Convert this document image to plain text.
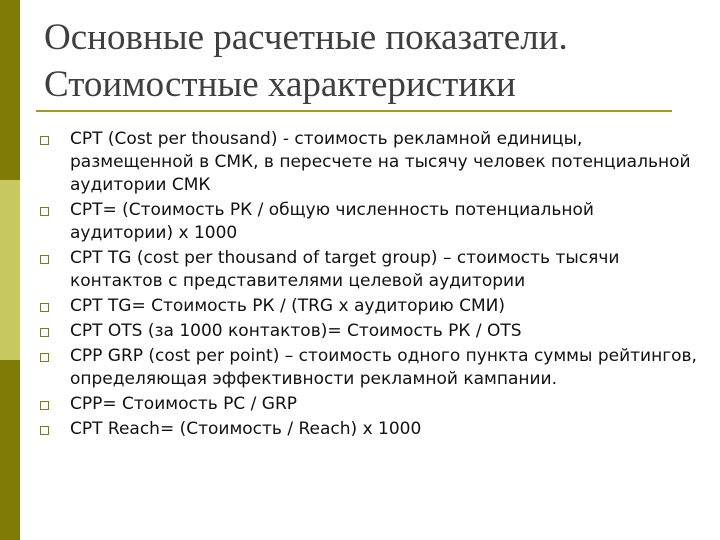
Основные расчетные показатели.
Стоимостные характеристики
CPT (Cost per thousand) - стоимость рекламной единицы, размещенной в СМК, в пересчете на тысячу человек потенциальной аудитории СМК
CPT= (Стоимость РК / общую численность потенциальной аудитории) х 1000
CPT TG (cost per thousand of target group) – стоимость тысячи контактов с представителями целевой аудитории
CPT TG= Стоимость РК / (TRG х аудиторию СМИ)
CPT OTS (за 1000 контактов)= Стоимость РК / OTS
CPP GRP (cost per point) – стоимость одного пункта суммы рейтингов, определяющая эффективности рекламной кампании.
CPP= Стоимость РС / GRP
CPT Reach= (Стоимость / Reach) х 1000
